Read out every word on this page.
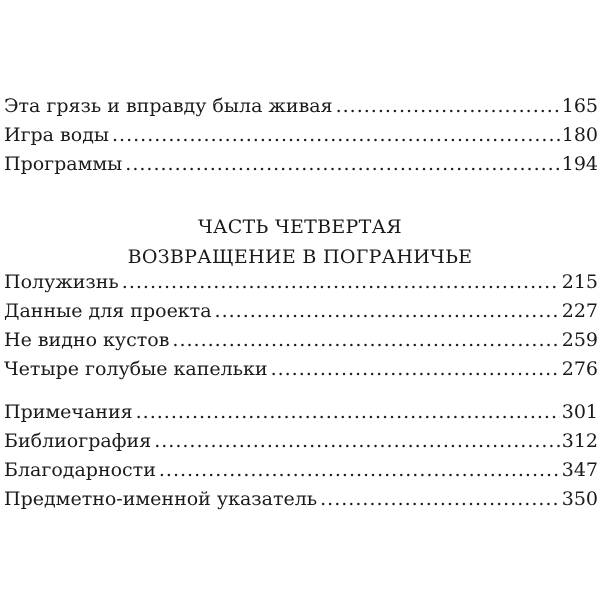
Эта грязь и вправду была живая .....	165
Игра воды .....	180
Программы .....	194
ЧАСТЬ ЧЕТВЕРТАЯ
ВОЗВРАЩЕНИЕ В ПОГРАНИЧЬЕ
Полужизнь .....	215
Данные для проекта .....	227
Не видно кустов .....	259
Четыре голубые капельки .....	276
Примечания .....	301
Библиография .....	312
Благодарности .....	347
Предметно-именной указатель .....	350
